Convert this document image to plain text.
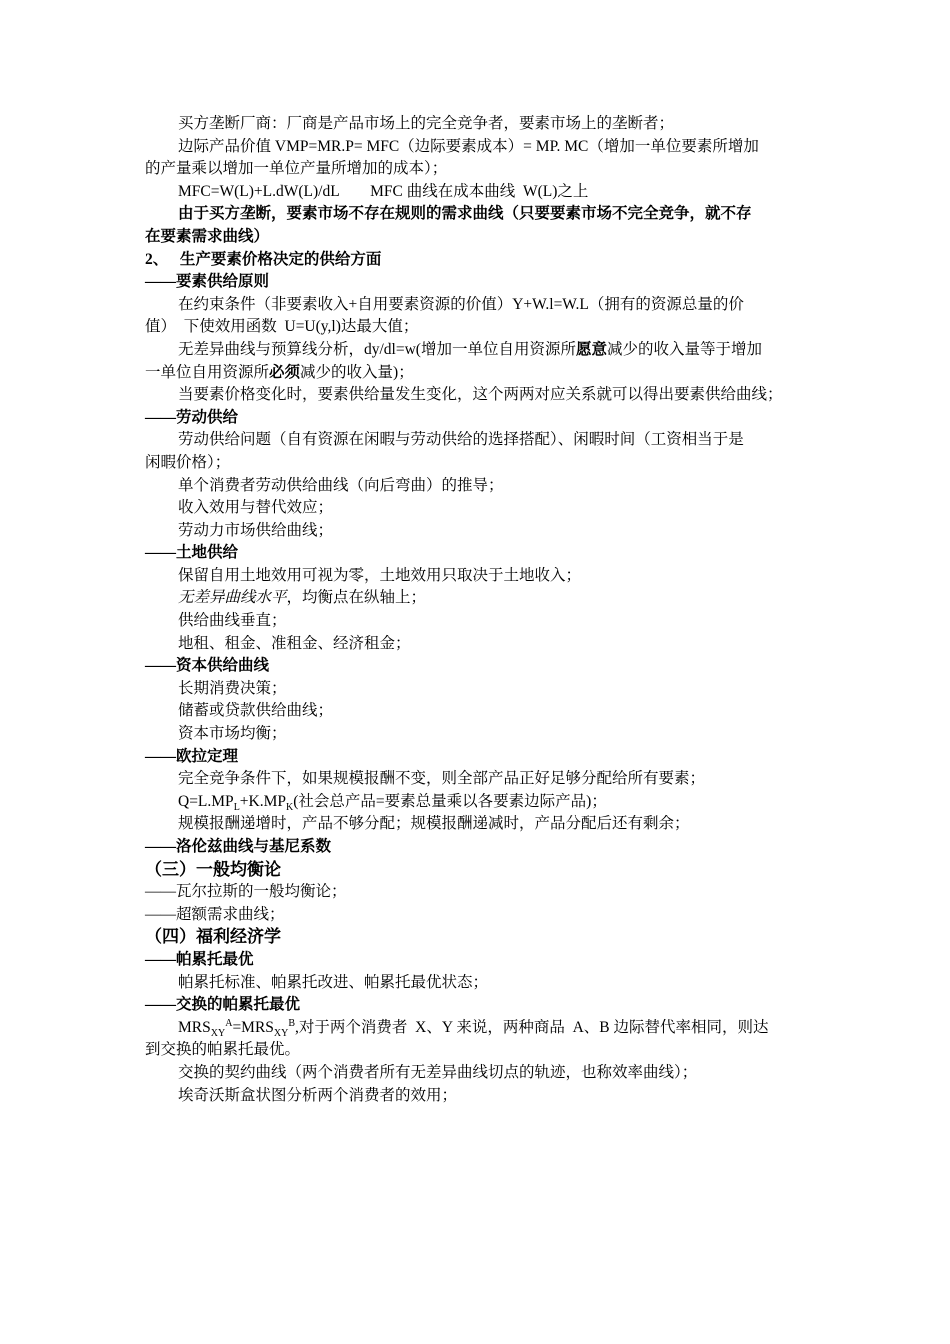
买方垄断厂商：厂商是产品市场上的完全竞争者，要素市场上的垄断者；
边际产品价值 VMP=MR.P= MFC（边际要素成本）= MP. MC（增加一单位要素所增加
的产量乘以增加一单位产量所增加的成本）；
MFC=W(L)+L.dW(L)/dL        MFC 曲线在成本曲线  W(L)之上
由于买方垄断，要素市场不存在规则的需求曲线（只要要素市场不完全竞争，就不存
在要素需求曲线）
2、   生产要素价格决定的供给方面
——要素供给原则
在约束条件（非要素收入+自用要素资源的价值）Y+W.l=W.L（拥有的资源总量的价
值）  下使效用函数  U=U(y,l)达最大值；
无差异曲线与预算线分析，dy/dl=w(增加一单位自用资源所愿意减少的收入量等于增加
一单位自用资源所必须减少的收入量)；
当要素价格变化时，要素供给量发生变化，这个两两对应关系就可以得出要素供给曲线；
——劳动供给
劳动供给问题（自有资源在闲暇与劳动供给的选择搭配）、闲暇时间（工资相当于是
闲暇价格）；
单个消费者劳动供给曲线（向后弯曲）的推导；
收入效用与替代效应；
劳动力市场供给曲线；
——土地供给
保留自用土地效用可视为零，土地效用只取决于土地收入；
无差异曲线水平，均衡点在纵轴上；
供给曲线垂直；
地租、租金、准租金、经济租金；
——资本供给曲线
长期消费决策；
储蓄或贷款供给曲线；
资本市场均衡；
——欧拉定理
完全竞争条件下，如果规模报酬不变，则全部产品正好足够分配给所有要素；
$Q=L.MP_L+K.MP_K$(社会总产品=要素总量乘以各要素边际产品)；
规模报酬递增时，产品不够分配；规模报酬递减时，产品分配后还有剩余；
——洛伦兹曲线与基尼系数
（三）一般均衡论
——瓦尔拉斯的一般均衡论；
——超额需求曲线；
（四）福利经济学
——帕累托最优
帕累托标准、帕累托改进、帕累托最优状态；
——交换的帕累托最优
$MRS_{XY}^A=MRS_{XY}^B$,对于两个消费者  X、Y 来说，两种商品  A、B 边际替代率相同，则达
到交换的帕累托最优。
交换的契约曲线（两个消费者所有无差异曲线切点的轨迹，也称效率曲线）；
埃奇沃斯盒状图分析两个消费者的效用；
